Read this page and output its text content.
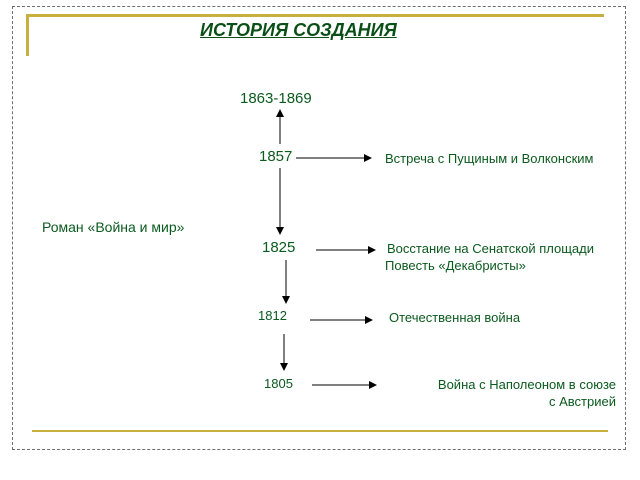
ИСТОРИЯ СОЗДАНИЯ
Роман «Война и мир»
1863-1869
1857
1825
1812
1805
Встреча с Пущиным и Волконским
Восстание на Сенатской площади
Повесть «Декабристы»
Отечественная война
Война с Наполеоном в союзе
с Австрией
